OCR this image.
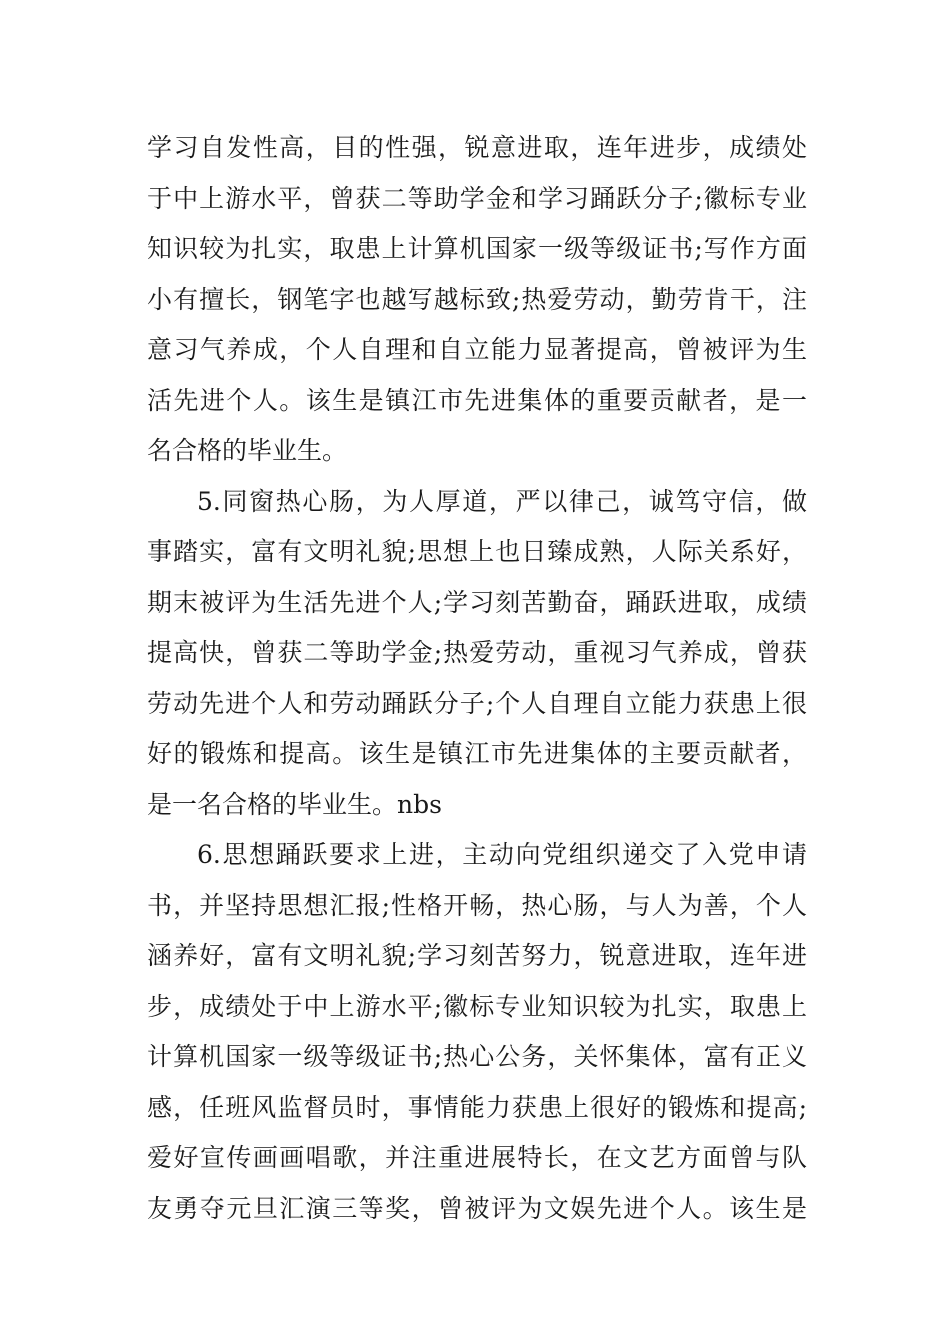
学习自发性高，目的性强，锐意进取，连年进步，成绩处
于中上游水平，曾获二等助学金和学习踊跃分子;徽标专业
知识较为扎实，取患上计算机国家一级等级证书;写作方面
小有擅长，钢笔字也越写越标致;热爱劳动，勤劳肯干，注
意习气养成，个人自理和自立能力显著提高，曾被评为生
活先进个人。该生是镇江市先进集体的重要贡献者，是一
名合格的毕业生。
5.同窗热心肠，为人厚道，严以律己，诚笃守信，做
事踏实，富有文明礼貌;思想上也日臻成熟，人际关系好，
期末被评为生活先进个人;学习刻苦勤奋，踊跃进取，成绩
提高快，曾获二等助学金;热爱劳动，重视习气养成，曾获
劳动先进个人和劳动踊跃分子;个人自理自立能力获患上很
好的锻炼和提高。该生是镇江市先进集体的主要贡献者，
是一名合格的毕业生。nbs
6.思想踊跃要求上进，主动向党组织递交了入党申请
书，并坚持思想汇报;性格开畅，热心肠，与人为善，个人
涵养好，富有文明礼貌;学习刻苦努力，锐意进取，连年进
步，成绩处于中上游水平;徽标专业知识较为扎实，取患上
计算机国家一级等级证书;热心公务，关怀集体，富有正义
感，任班风监督员时，事情能力获患上很好的锻炼和提高;
爱好宣传画画唱歌，并注重进展特长，在文艺方面曾与队
友勇夺元旦汇演三等奖，曾被评为文娱先进个人。该生是
